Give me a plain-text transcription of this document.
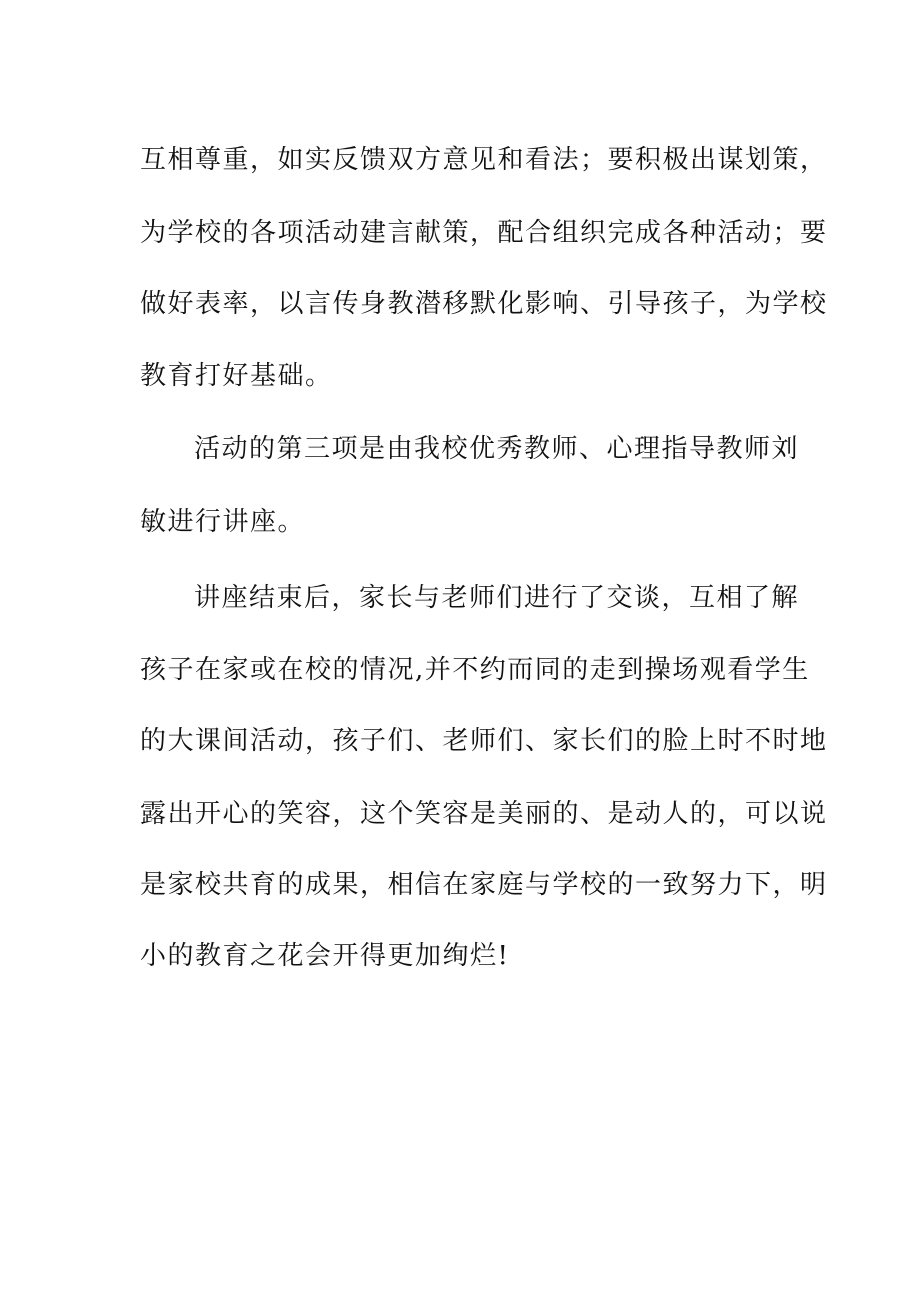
互相尊重，如实反馈双方意见和看法；要积极出谋划策，
为学校的各项活动建言献策，配合组织完成各种活动；要
做好表率，以言传身教潜移默化影响、引导孩子，为学校
教育打好基础。
活动的第三项是由我校优秀教师、心理指导教师刘
敏进行讲座。
讲座结束后，家长与老师们进行了交谈，互相了解
孩子在家或在校的情况,并不约而同的走到操场观看学生
的大课间活动，孩子们、老师们、家长们的脸上时不时地
露出开心的笑容，这个笑容是美丽的、是动人的，可以说
是家校共育的成果，相信在家庭与学校的一致努力下，明
小的教育之花会开得更加绚烂!
